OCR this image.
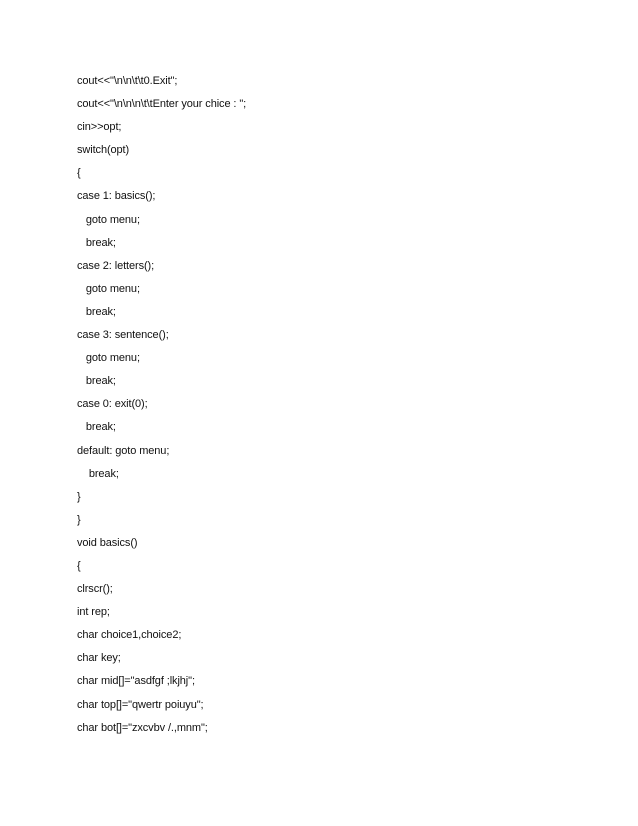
cout<<"\n\n\t\t0.Exit";
cout<<"\n\n\n\t\tEnter your chice : ";
cin>>opt;
switch(opt)
{
case 1: basics();
goto menu;
break;
case 2: letters();
goto menu;
break;
case 3: sentence();
goto menu;
break;
case 0: exit(0);
break;
default: goto menu;
break;
}
}
void basics()
{
clrscr();
int rep;
char choice1,choice2;
char key;
char mid[]="asdfgf ;lkjhj";
char top[]="qwertr poiuyu";
char bot[]="zxcvbv /.,mnm";
